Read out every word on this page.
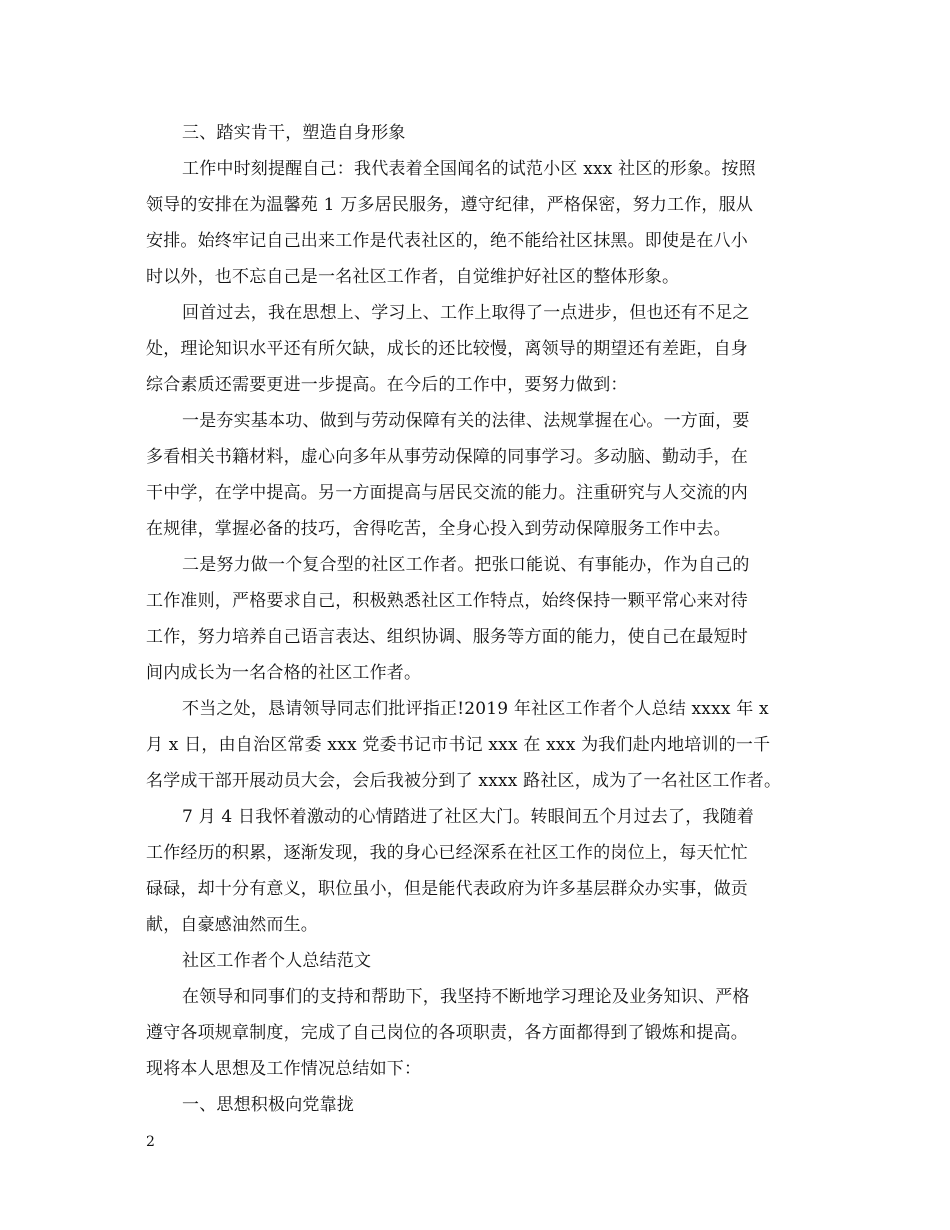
三、踏实肯干，塑造自身形象
工作中时刻提醒自己：我代表着全国闻名的试范小区 xxx 社区的形象。按照
领导的安排在为温馨苑 1 万多居民服务，遵守纪律，严格保密，努力工作，服从
安排。始终牢记自己出来工作是代表社区的，绝不能给社区抹黑。即使是在八小
时以外，也不忘自己是一名社区工作者，自觉维护好社区的整体形象。
回首过去，我在思想上、学习上、工作上取得了一点进步，但也还有不足之
处，理论知识水平还有所欠缺，成长的还比较慢，离领导的期望还有差距，自身
综合素质还需要更进一步提高。在今后的工作中，要努力做到：
一是夯实基本功、做到与劳动保障有关的法律、法规掌握在心。一方面，要
多看相关书籍材料，虚心向多年从事劳动保障的同事学习。多动脑、勤动手，在
干中学，在学中提高。另一方面提高与居民交流的能力。注重研究与人交流的内
在规律，掌握必备的技巧，舍得吃苦，全身心投入到劳动保障服务工作中去。
二是努力做一个复合型的社区工作者。把张口能说、有事能办，作为自己的
工作准则，严格要求自己，积极熟悉社区工作特点，始终保持一颗平常心来对待
工作，努力培养自己语言表达、组织协调、服务等方面的能力，使自己在最短时
间内成长为一名合格的社区工作者。
不当之处，恳请领导同志们批评指正!2019 年社区工作者个人总结 xxxx 年 x
月 x 日，由自治区常委 xxx 党委书记市书记 xxx 在 xxx 为我们赴内地培训的一千
名学成干部开展动员大会，会后我被分到了 xxxx 路社区，成为了一名社区工作者。
7 月 4 日我怀着激动的心情踏进了社区大门。转眼间五个月过去了，我随着
工作经历的积累，逐渐发现，我的身心已经深系在社区工作的岗位上，每天忙忙
碌碌，却十分有意义，职位虽小，但是能代表政府为许多基层群众办实事，做贡
献，自豪感油然而生。
社区工作者个人总结范文
在领导和同事们的支持和帮助下，我坚持不断地学习理论及业务知识、严格
遵守各项规章制度，完成了自己岗位的各项职责，各方面都得到了锻炼和提高。
现将本人思想及工作情况总结如下：
一、思想积极向党靠拢
2
